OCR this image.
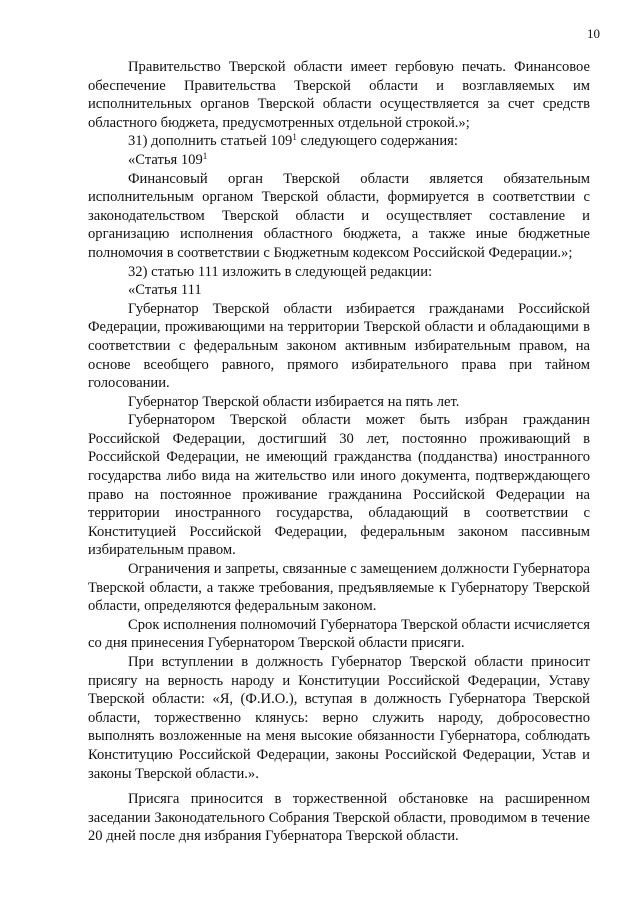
10

Правительство Тверской области имеет гербовую печать. Финансовое обеспечение Правительства Тверской области и возглавляемых им исполнительных органов Тверской области осуществляется за счет средств областного бюджета, предусмотренных отдельной строкой.»;

31) дополнить статьей $109^1$ следующего содержания:

«Статья $109^1$

Финансовый орган Тверской области является обязательным исполнительным органом Тверской области, формируется в соответствии с законодательством Тверской области и осуществляет составление и организацию исполнения областного бюджета, а также иные бюджетные полномочия в соответствии с Бюджетным кодексом Российской Федерации.»;

32) статью 111 изложить в следующей редакции:

«Статья 111

Губернатор Тверской области избирается гражданами Российской Федерации, проживающими на территории Тверской области и обладающими в соответствии с федеральным законом активным избирательным правом, на основе всеобщего равного, прямого избирательного права при тайном голосовании.

Губернатор Тверской области избирается на пять лет.

Губернатором Тверской области может быть избран гражданин Российской Федерации, достигший 30 лет, постоянно проживающий в Российской Федерации, не имеющий гражданства (подданства) иностранного государства либо вида на жительство или иного документа, подтверждающего право на постоянное проживание гражданина Российской Федерации на территории иностранного государства, обладающий в соответствии с Конституцией Российской Федерации, федеральным законом пассивным избирательным правом.

Ограничения и запреты, связанные с замещением должности Губернатора Тверской области, а также требования, предъявляемые к Губернатору Тверской области, определяются федеральным законом.

Срок исполнения полномочий Губернатора Тверской области исчисляется со дня принесения Губернатором Тверской области присяги.

При вступлении в должность Губернатор Тверской области приносит присягу на верность народу и Конституции Российской Федерации, Уставу Тверской области: «Я, (Ф.И.О.), вступая в должность Губернатора Тверской области, торжественно клянусь: верно служить народу, добросовестно выполнять возложенные на меня высокие обязанности Губернатора, соблюдать Конституцию Российской Федерации, законы Российской Федерации, Устав и законы Тверской области.».

Присяга приносится в торжественной обстановке на расширенном заседании Законодательного Собрания Тверской области, проводимом в течение 20 дней после дня избрания Губернатора Тверской области.
